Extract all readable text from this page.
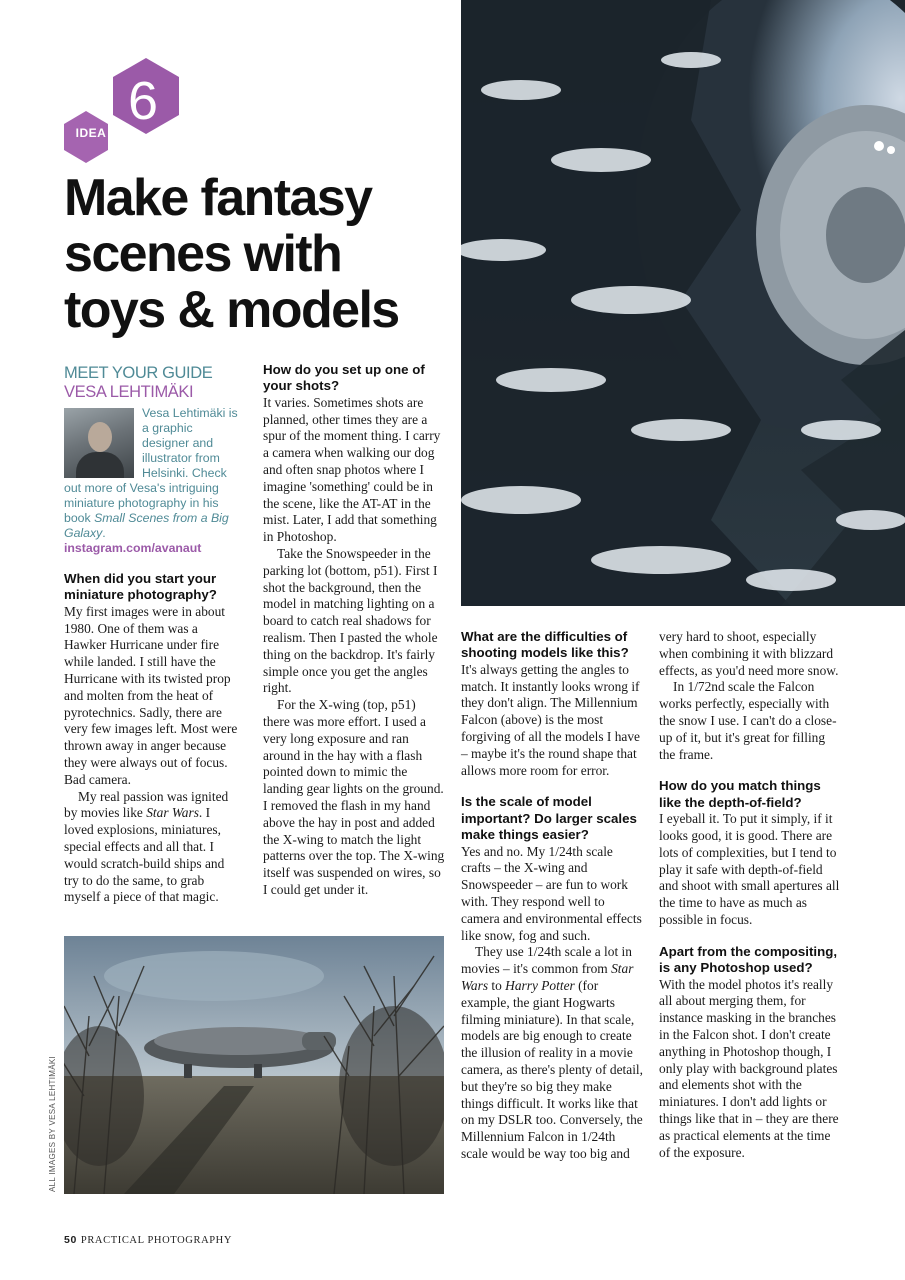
6
IDEA
Make fantasy
scenes with
toys & models
MEET YOUR GUIDE
VESA LEHTIMÄKI
Vesa Lehtimäki is a graphic designer and illustrator from Helsinki. Check out more of Vesa's intriguing miniature photography in his book Small Scenes from a Big Galaxy.
instagram.com/avanaut
When did you start your miniature photography?

My first images were in about 1980. One of them was a Hawker Hurricane under fire while landed. I still have the Hurricane with its twisted prop and molten from the heat of pyrotechnics. Sadly, there are very few images left. Most were thrown away in anger because they were always out of focus. Bad camera.

My real passion was ignited by movies like Star Wars. I loved explosions, miniatures, special effects and all that. I would scratch-build ships and try to do the same, to grab myself a piece of that magic.

How do you set up one of your shots?

It varies. Sometimes shots are planned, other times they are a spur of the moment thing. I carry a camera when walking our dog and often snap photos where I imagine 'something' could be in the scene, like the AT-AT in the mist. Later, I add that something in Photoshop.

Take the Snowspeeder in the parking lot (bottom, p51). First I shot the background, then the model in matching lighting on a board to catch real shadows for realism. Then I pasted the whole thing on the backdrop. It's fairly simple once you get the angles right.

For the X-wing (top, p51) there was more effort. I used a very long exposure and ran around in the hay with a flash pointed down to mimic the landing gear lights on the ground. I removed the flash in my hand above the hay in post and added the X-wing to match the light patterns over the top. The X-wing itself was suspended on wires, so I could get under it.

What are the difficulties of shooting models like this?

It's always getting the angles to match. It instantly looks wrong if they don't align. The Millennium Falcon (above) is the most forgiving of all the models I have – maybe it's the round shape that allows more room for error.

Is the scale of model important? Do larger scales make things easier?

Yes and no. My 1/24th scale crafts – the X-wing and Snowspeeder – are fun to work with. They respond well to camera and environmental effects like snow, fog and such.

They use 1/24th scale a lot in movies – it's common from Star Wars to Harry Potter (for example, the giant Hogwarts filming miniature). In that scale, models are big enough to create the illusion of reality in a movie camera, as there's plenty of detail, but they're so big they make things difficult. It works like that on my DSLR too. Conversely, the Millennium Falcon in 1/24th scale would be way too big and

very hard to shoot, especially when combining it with blizzard effects, as you'd need more snow.

In 1/72nd scale the Falcon works perfectly, especially with the snow I use. I can't do a close-up of it, but it's great for filling the frame.

How do you match things like the depth-of-field?

I eyeball it. To put it simply, if it looks good, it is good. There are lots of complexities, but I tend to play it safe with depth-of-field and shoot with small apertures all the time to have as much as possible in focus.

Apart from the compositing, is any Photoshop used?

With the model photos it's really all about merging them, for instance masking in the branches in the Falcon shot. I don't create anything in Photoshop though, I only play with background plates and elements shot with the miniatures. I don't add lights or things like that in – they are there as practical elements at the time of the exposure.

ALL IMAGES BY VESA LEHTIMÄKI
50 PRACTICAL PHOTOGRAPHY
